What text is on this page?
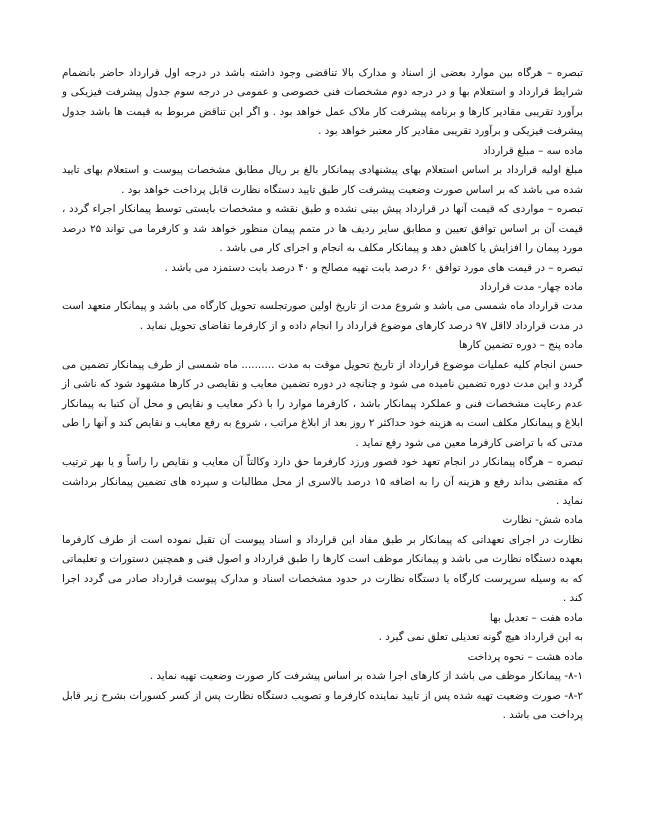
تبصره – هرگاه بین موارد بعضی از اسناد و مدارک بالا تناقضی وجود داشته باشد در درجه اول قرارداد حاضر بانضمام شرایط قرارداد و استعلام بها و در درجه دوم مشخصات فنی خصوصی و عمومی در درجه سوم جدول پیشرفت فیزیکی و برآورد تقریبی مقادیر کارها و برنامه پیشرفت کار ملاک عمل خواهد بود . و اگر این تناقض مربوط به قیمت ها باشد جدول پیشرفت فیزیکی و برآورد تقریبی مقادیر کار معتبر خواهد بود .

ماده سه – مبلغ قرارداد

مبلغ اولیه قرارداد بر اساس استعلام بهای پیشنهادی پیمانکار بالغ بر ریال مطابق مشخصات پیوست و استعلام بهای تایید شده می باشد که بر اساس صورت وضعیت پیشرفت کار طبق تایید دستگاه نظارت قابل پرداخت خواهد بود .

تبصره – مواردی که قیمت آنها در قرارداد پیش بینی نشده و طبق نقشه و مشخصات بایستی توسط پیمانکار اجراء گردد ، قیمت آن بر اساس توافق تعیین و مطابق سایر ردیف ها در متمم پیمان منظور خواهد شد و کارفرما می تواند ۲۵ درصد مورد پیمان را افزایش یا کاهش دهد و پیمانکار مکلف به انجام و اجرای کار می باشد .

تبصره – در قیمت های مورد توافق ۶۰ درصد بابت تهیه مصالح و ۴۰ درصد بابت دستمزد می باشد .

ماده چهار- مدت قرارداد

مدت قرارداد ماه شمسی می باشد و شروع مدت از تاریخ اولین صورتجلسه تحویل کارگاه می باشد و پیمانکار متعهد است در مدت قرارداد لااقل ۹۷ درصد کارهای موضوع قرارداد را انجام داده و از کارفرما تقاضای تحویل نماید .

ماده پنج – دوره تضمین کارها

حسن انجام کلیه عملیات موضوع قرارداد از تاریخ تحویل موقت به مدت .......... ماه شمسی از طرف پیمانکار تضمین می گردد و این مدت دوره تضمین نامیده می شود و چنانچه در دوره تضمین معایب و نقایصی در کارها مشهود شود که ناشی از عدم رعایت مشخصات فنی و عملکرد پیمانکار باشد ، کارفرما موارد را با ذکر معایب و نقایص و محل آن کتبا به پیمانکار ابلاغ و پیمانکار مکلف است به هزینه خود حداکثر ۲ روز بعد از ابلاغ مراتب ، شروع به رفع معایب و نقایص کند و آنها را طی مدتی که با تراضی کارفرما معین می شود رفع نماید .

تبصره – هرگاه پیمانکار در انجام تعهد خود قصور ورزد کارفرما حق دارد وکالتاً آن معایب و نقایص را راساً و یا بهر ترتیب که مقتضی بداند رفع و هزینه آن را به اضافه ۱۵ درصد بالاسری از محل مطالبات و سپرده های تضمین پیمانکار برداشت نماید .

ماده شش- نظارت

نظارت در اجرای تعهداتی که پیمانکار بر طبق مفاد این قرارداد و اسناد پیوست آن تقبل نموده است از طرف کارفرما بعهده دستگاه نظارت می باشد و پیمانکار موظف است کارها را طبق قرارداد و اصول فنی و همچنین دستورات و تعلیماتی که به وسیله سرپرست کارگاه یا دستگاه نظارت در حدود مشخصات اسناد و مدارک پیوست قرارداد صادر می گردد اجرا کند .

ماده هفت – تعدیل بها

به این قرارداد هیچ گونه تعدیلی تعلق نمی گیرد .

ماده هشت – نحوه پرداخت

۸-۱- پیمانکار موظف می باشد از کارهای اجرا شده بر اساس پیشرفت کار صورت وضعیت تهیه نماید .

۸-۲- صورت وضعیت تهیه شده پس از تایید نماینده کارفرما و تصویب دستگاه نظارت پس از کسر کسورات بشرح زیر قابل پرداخت می باشد .
